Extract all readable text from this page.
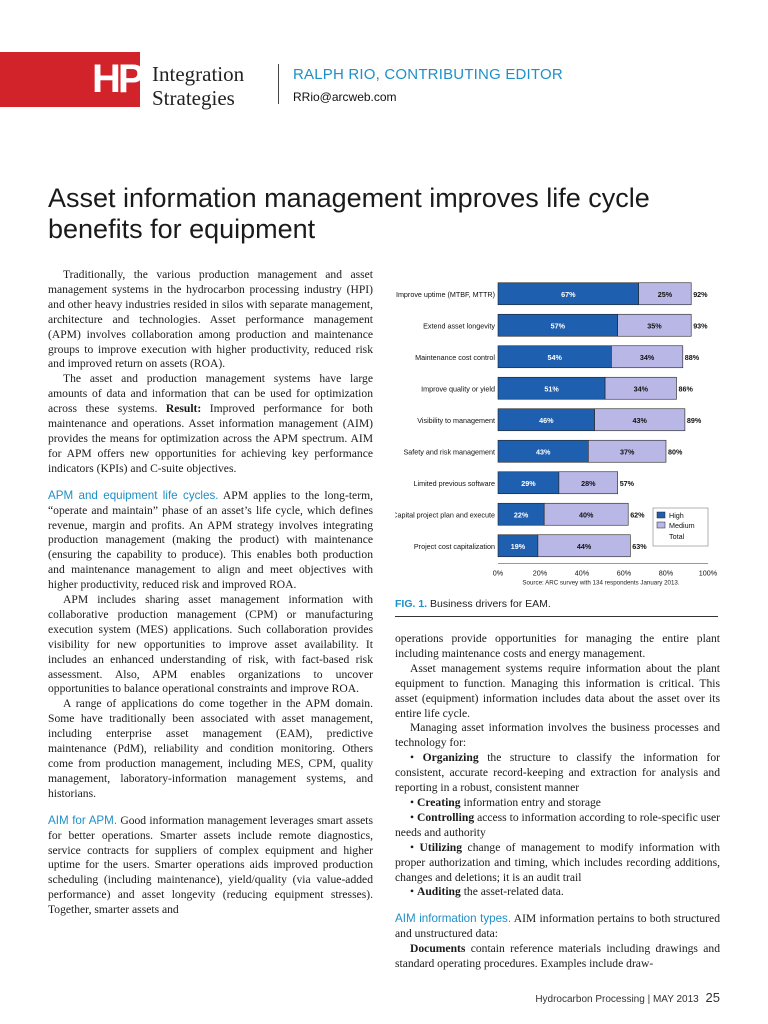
HP Integration
Strategies
RALPH RIO, CONTRIBUTING EDITOR
RRio@arcweb.com
Asset information management improves life cycle benefits for equipment

Traditionally, the various production management and asset management systems in the hydrocarbon processing industry (HPI) and other heavy industries resided in silos with separate management, architecture and technologies. Asset performance management (APM) involves collaboration among production and maintenance groups to improve execution with higher productivity, reduced risk and improved return on assets (ROA).

The asset and production management systems have large amounts of data and information that can be used for optimization across these systems. Result: Improved performance for both maintenance and operations. Asset information management (AIM) provides the means for optimization across the APM spectrum. AIM for APM offers new opportunities for achieving key performance indicators (KPIs) and C-suite objectives.

APM and equipment life cycles. APM applies to the long-term, “operate and maintain” phase of an asset’s life cycle, which defines revenue, margin and profits. An APM strategy involves integrating production management (making the product) with maintenance (ensuring the capability to produce). This enables both production and maintenance management to align and meet objectives with higher productivity, reduced risk and improved ROA.

APM includes sharing asset management information with collaborative production management (CPM) or manufacturing execution system (MES) applications. Such collaboration provides visibility for new opportunities to improve asset availability. It includes an enhanced understanding of risk, with fact-based risk assessment. Also, APM enables organizations to uncover opportunities to balance operational constraints and improve ROA.

A range of applications do come together in the APM domain. Some have traditionally been associated with asset management, including enterprise asset management (EAM), predictive maintenance (PdM), reliability and condition monitoring. Others come from production management, including MES, CPM, quality management, laboratory-information management systems, and historians.

AIM for APM. Good information management leverages smart assets for better operations. Smarter assets include remote diagnostics, service contracts for suppliers of complex equipment and higher uptime for the users. Smarter operations aids improved production scheduling (including maintenance), yield/quality (via value-added performance) and asset longevity (reducing equipment stresses). Together, smarter assets and

Improve uptime (MTBF, MTTR)	67%	25%	92%
Extend asset longevity	57%	35%	93%
Maintenance cost control	54%	34%	88%
Improve quality or yield	51%	34%	86%
Visibility to management	46%	43%	89%
Safety and risk management	43%	37%	80%
Limited previous software	29%	28%	57%
Capital project plan and execute	22%	40%	62%
Project cost capitalization 19%	44%	63%
0%	20%	40%	60%	80%	100%
Source: ARC survey with 134 respondents January 2013.
High
Medium
Total
FIG. 1. Business drivers for EAM.

operations provide opportunities for managing the entire plant including maintenance costs and energy management.

Asset management systems require information about the plant equipment to function. Managing this information is critical. This asset (equipment) information includes data about the asset over its entire life cycle.

Managing asset information involves the business processes and technology for:

• Organizing the structure to classify the information for consistent, accurate record-keeping and extraction for analysis and reporting in a robust, consistent manner

• Creating information entry and storage

• Controlling access to information according to role-specific user needs and authority

• Utilizing change of management to modify information with proper authorization and timing, which includes recording additions, changes and deletions; it is an audit trail

• Auditing the asset-related data.

AIM information types. AIM information pertains to both structured and unstructured data:

Documents contain reference materials including drawings and standard operating procedures. Examples include draw-

Hydrocarbon Processing | MAY 2013 25
